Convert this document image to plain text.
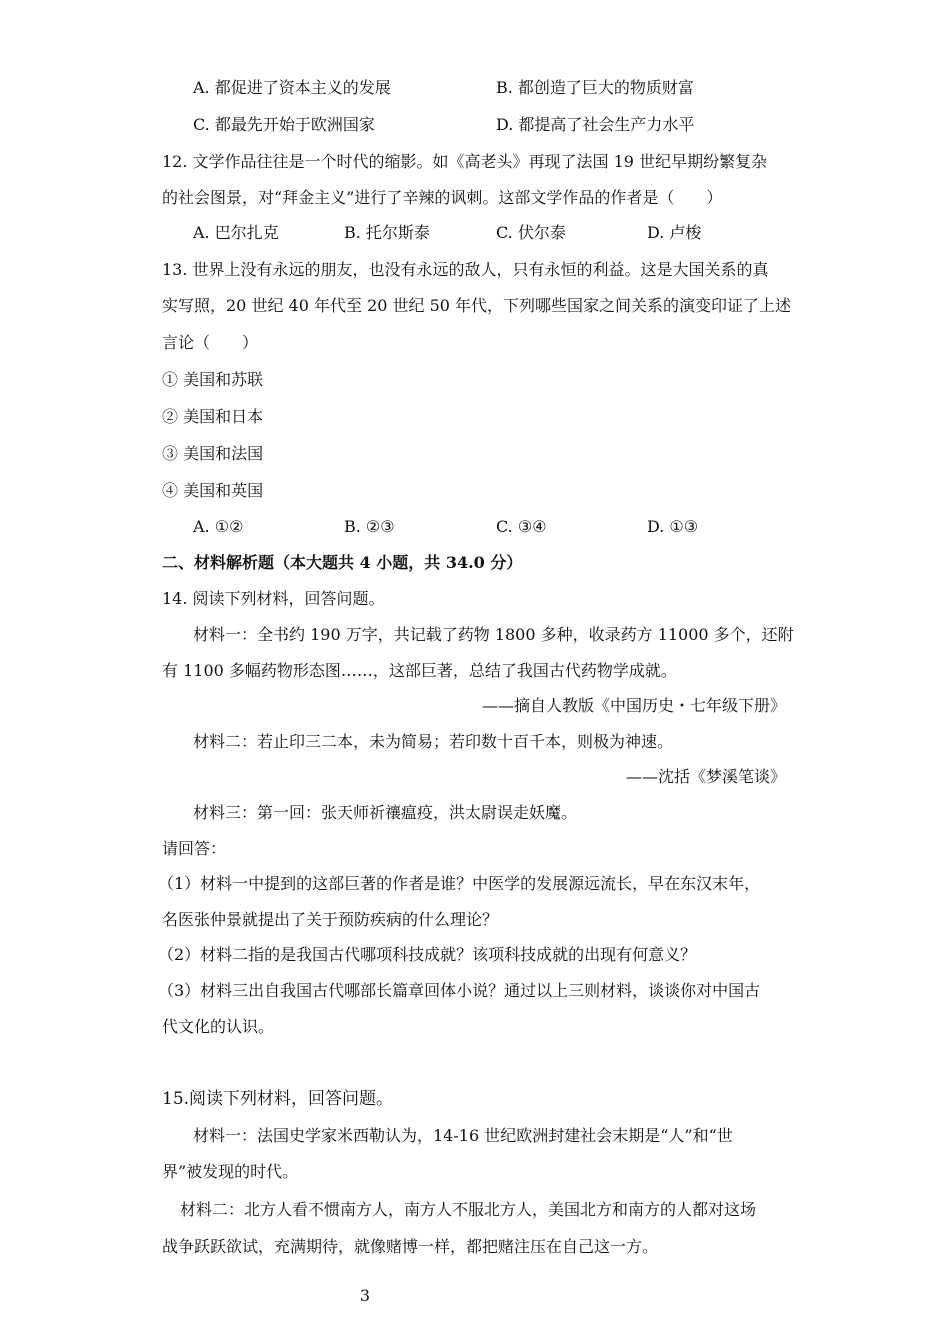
A. 都促进了资本主义的发展	B. 都创造了巨大的物质财富
C. 都最先开始于欧洲国家	D. 都提高了社会生产力水平
12. 文学作品往往是一个时代的缩影。如《高老头》再现了法国 19 世纪早期纷繁复杂
的社会图景，对“拜金主义”进行了辛辣的讽刺。这部文学作品的作者是（　　）
A. 巴尔扎克	B. 托尔斯泰	C. 伏尔泰	D. 卢梭
13. 世界上没有永远的朋友，也没有永远的敌人，只有永恒的利益。这是大国关系的真
实写照，20 世纪 40 年代至 20 世纪 50 年代，下列哪些国家之间关系的演变印证了上述
言论（　　）
① 美国和苏联
② 美国和日本
③ 美国和法国
④ 美国和英国
A. ①②	B. ②③	C. ③④	D. ①③
二、材料解析题（本大题共 4 小题，共 34.0 分）
14. 阅读下列材料，回答问题。
材料一：全书约 190 万字，共记载了药物 1800 多种，收录药方 11000 多个，还附
有 1100 多幅药物形态图……，这部巨著，总结了我国古代药物学成就。
——摘自人教版《中国历史・七年级下册》
材料二：若止印三二本，未为简易；若印数十百千本，则极为神速。
——沈括《梦溪笔谈》
材料三：第一回：张天师祈禳瘟疫，洪太尉误走妖魔。
请回答：
（1）材料一中提到的这部巨著的作者是谁？中医学的发展源远流长，早在东汉末年，
名医张仲景就提出了关于预防疾病的什么理论？
（2）材料二指的是我国古代哪项科技成就？该项科技成就的出现有何意义？
（3）材料三出自我国古代哪部长篇章回体小说？通过以上三则材料，谈谈你对中国古
代文化的认识。
15.阅读下列材料，回答问题。
材料一：法国史学家米西勒认为，14-16 世纪欧洲封建社会末期是“人”和“世
界”被发现的时代。
材料二：北方人看不惯南方人，南方人不服北方人，美国北方和南方的人都对这场
战争跃跃欲试，充满期待，就像赌博一样，都把赌注压在自己这一方。
3
